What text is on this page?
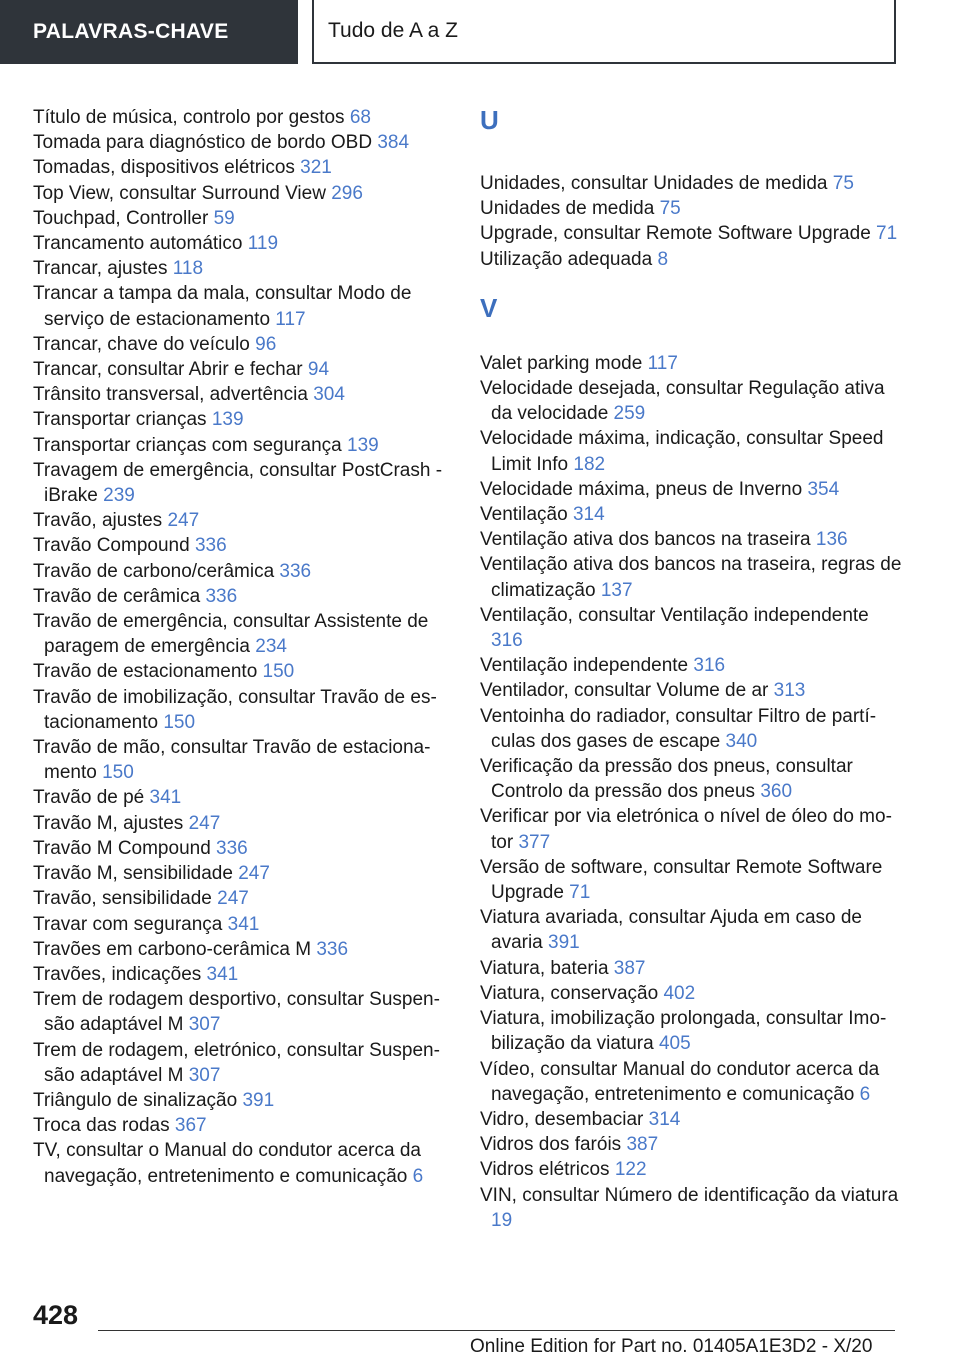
PALAVRAS-CHAVE	Tudo de A a Z

Título de música, controlo por gestos 68

Tomada para diagnóstico de bordo OBD 384

Tomadas, dispositivos elétricos 321

Top View, consultar Surround View 296

Touchpad, Controller 59

Trancamento automático 119

Trancar, ajustes 118

Trancar a tampa da mala, consultar Modo de serviço de estacionamento 117

Trancar, chave do veículo 96

Trancar, consultar Abrir e fechar 94

Trânsito transversal, advertência 304

Transportar crianças 139

Transportar crianças com segurança 139

Travagem de emergência, consultar PostCrash - iBrake 239

Travão, ajustes 247

Travão Compound 336

Travão de carbono/cerâmica 336

Travão de cerâmica 336

Travão de emergência, consultar Assistente de paragem de emergência 234

Travão de estacionamento 150

Travão de imobilização, consultar Travão de estacionamento 150

Travão de mão, consultar Travão de estacionamento 150

Travão de pé 341

Travão M, ajustes 247

Travão M Compound 336

Travão M, sensibilidade 247

Travão, sensibilidade 247

Travar com segurança 341

Travões em carbono-cerâmica M 336

Travões, indicações 341

Trem de rodagem desportivo, consultar Suspensão adaptável M 307

Trem de rodagem, eletrónico, consultar Suspensão adaptável M 307

Triângulo de sinalização 391

Troca das rodas 367

TV, consultar o Manual do condutor acerca da navegação, entretenimento e comunicação 6

U

Unidades, consultar Unidades de medida 75

Unidades de medida 75

Upgrade, consultar Remote Software Upgrade 71

Utilização adequada 8

V

Valet parking mode 117

Velocidade desejada, consultar Regulação ativa da velocidade 259

Velocidade máxima, indicação, consultar Speed Limit Info 182

Velocidade máxima, pneus de Inverno 354

Ventilação 314

Ventilação ativa dos bancos na traseira 136

Ventilação ativa dos bancos na traseira, regras de climatização 137

Ventilação, consultar Ventilação independente 316

Ventilação independente 316

Ventilador, consultar Volume de ar 313

Ventoinha do radiador, consultar Filtro de partículas dos gases de escape 340

Verificação da pressão dos pneus, consultar Controlo da pressão dos pneus 360

Verificar por via eletrónica o nível de óleo do motor 377

Versão de software, consultar Remote Software Upgrade 71

Viatura avariada, consultar Ajuda em caso de avaria 391

Viatura, bateria 387

Viatura, conservação 402

Viatura, imobilização prolongada, consultar Imobilização da viatura 405

Vídeo, consultar Manual do condutor acerca da navegação, entretenimento e comunicação 6

Vidro, desembaciar 314

Vidros dos faróis 387

Vidros elétricos 122

VIN, consultar Número de identificação da viatura 19

428
Online Edition for Part no. 01405A1E3D2 - X/20
